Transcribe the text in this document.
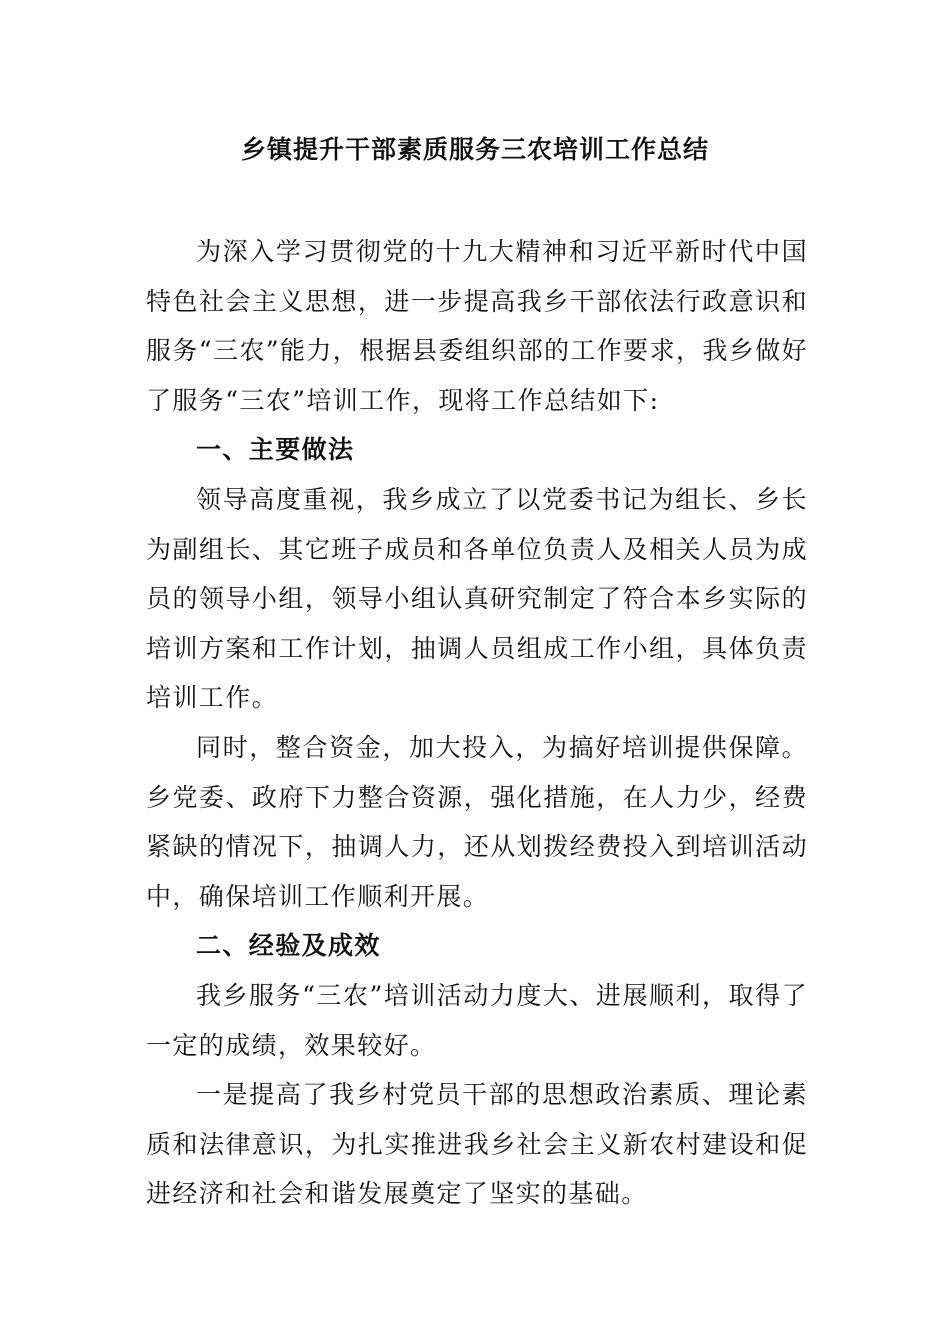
乡镇提升干部素质服务三农培训工作总结

为深入学习贯彻党的十九大精神和习近平新时代中国特色社会主义思想，进一步提高我乡干部依法行政意识和服务“三农”能力，根据县委组织部的工作要求，我乡做好了服务“三农”培训工作，现将工作总结如下:

一、主要做法

领导高度重视，我乡成立了以党委书记为组长、乡长为副组长、其它班子成员和各单位负责人及相关人员为成员的领导小组，领导小组认真研究制定了符合本乡实际的培训方案和工作计划，抽调人员组成工作小组，具体负责培训工作。

同时，整合资金，加大投入，为搞好培训提供保障。乡党委、政府下力整合资源，强化措施，在人力少，经费紧缺的情况下，抽调人力，还从划拨经费投入到培训活动中，确保培训工作顺利开展。

二、经验及成效

我乡服务“三农”培训活动力度大、进展顺利，取得了一定的成绩，效果较好。

一是提高了我乡村党员干部的思想政治素质、理论素质和法律意识，为扎实推进我乡社会主义新农村建设和促进经济和社会和谐发展奠定了坚实的基础。
